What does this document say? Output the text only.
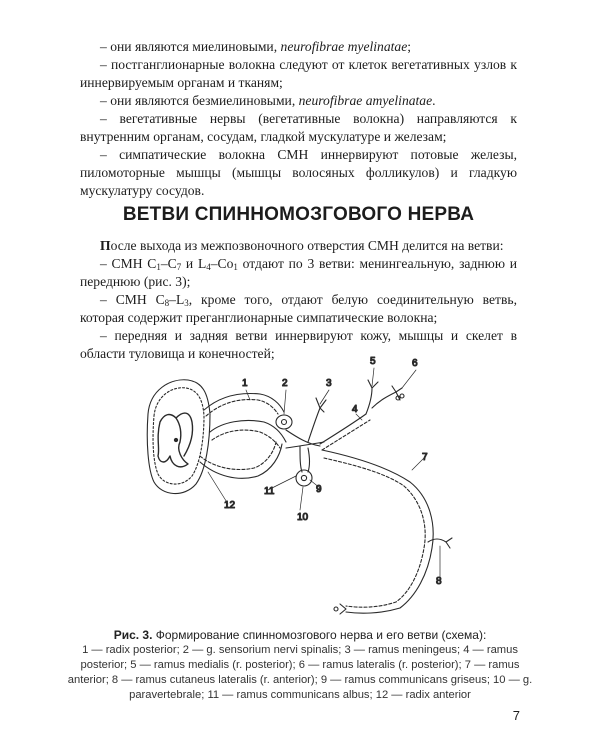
– они являются миелиновыми, neurofibrae myelinatae;

– постганглионарные волокна следуют от клеток вегетативных узлов к иннервируемым органам и тканям;

– они являются безмиелиновыми, neurofibrae amyelinatae.

– вегетативные нервы (вегетативные волокна) направляются к внутренним органам, сосудам, гладкой мускулатуре и железам;

– симпатические волокна СМН иннервируют потовые железы, пиломоторные мышцы (мышцы волосяных фолликулов) и гладкую мускулатуру сосудов.

ВЕТВИ СПИННОМОЗГОВОГО НЕРВА

После выхода из межпозвоночного отверстия СМН делится на ветви:

– СМН $C_1-C_7$ и $L_4-Co_1$ отдают по 3 ветви: менингеальную, заднюю и переднюю (рис. 3);

– СМН $C_8-L_3$, кроме того, отдают белую соединительную ветвь, которая содержит преганглионарные симпатические волокна;

– передняя и задняя ветви иннервируют кожу, мышцы и скелет в области туловища и конечностей;

1	2	3
4
5	6
7
8
9
10
11
12
Рис. 3. Формирование спинномозгового нерва и его ветви (схема):
1 — radix posterior; 2 — g. sensorium nervi spinalis; 3 — ramus meningeus; 4 — ramus posterior; 5 — ramus medialis (r. posterior); 6 — ramus lateralis (r. posterior); 7 — ramus anterior; 8 — ramus cutaneus lateralis (r. anterior); 9 — ramus communicans griseus; 10 — g. paravertebrale; 11 — ramus communicans albus; 12 — radix anterior
7
